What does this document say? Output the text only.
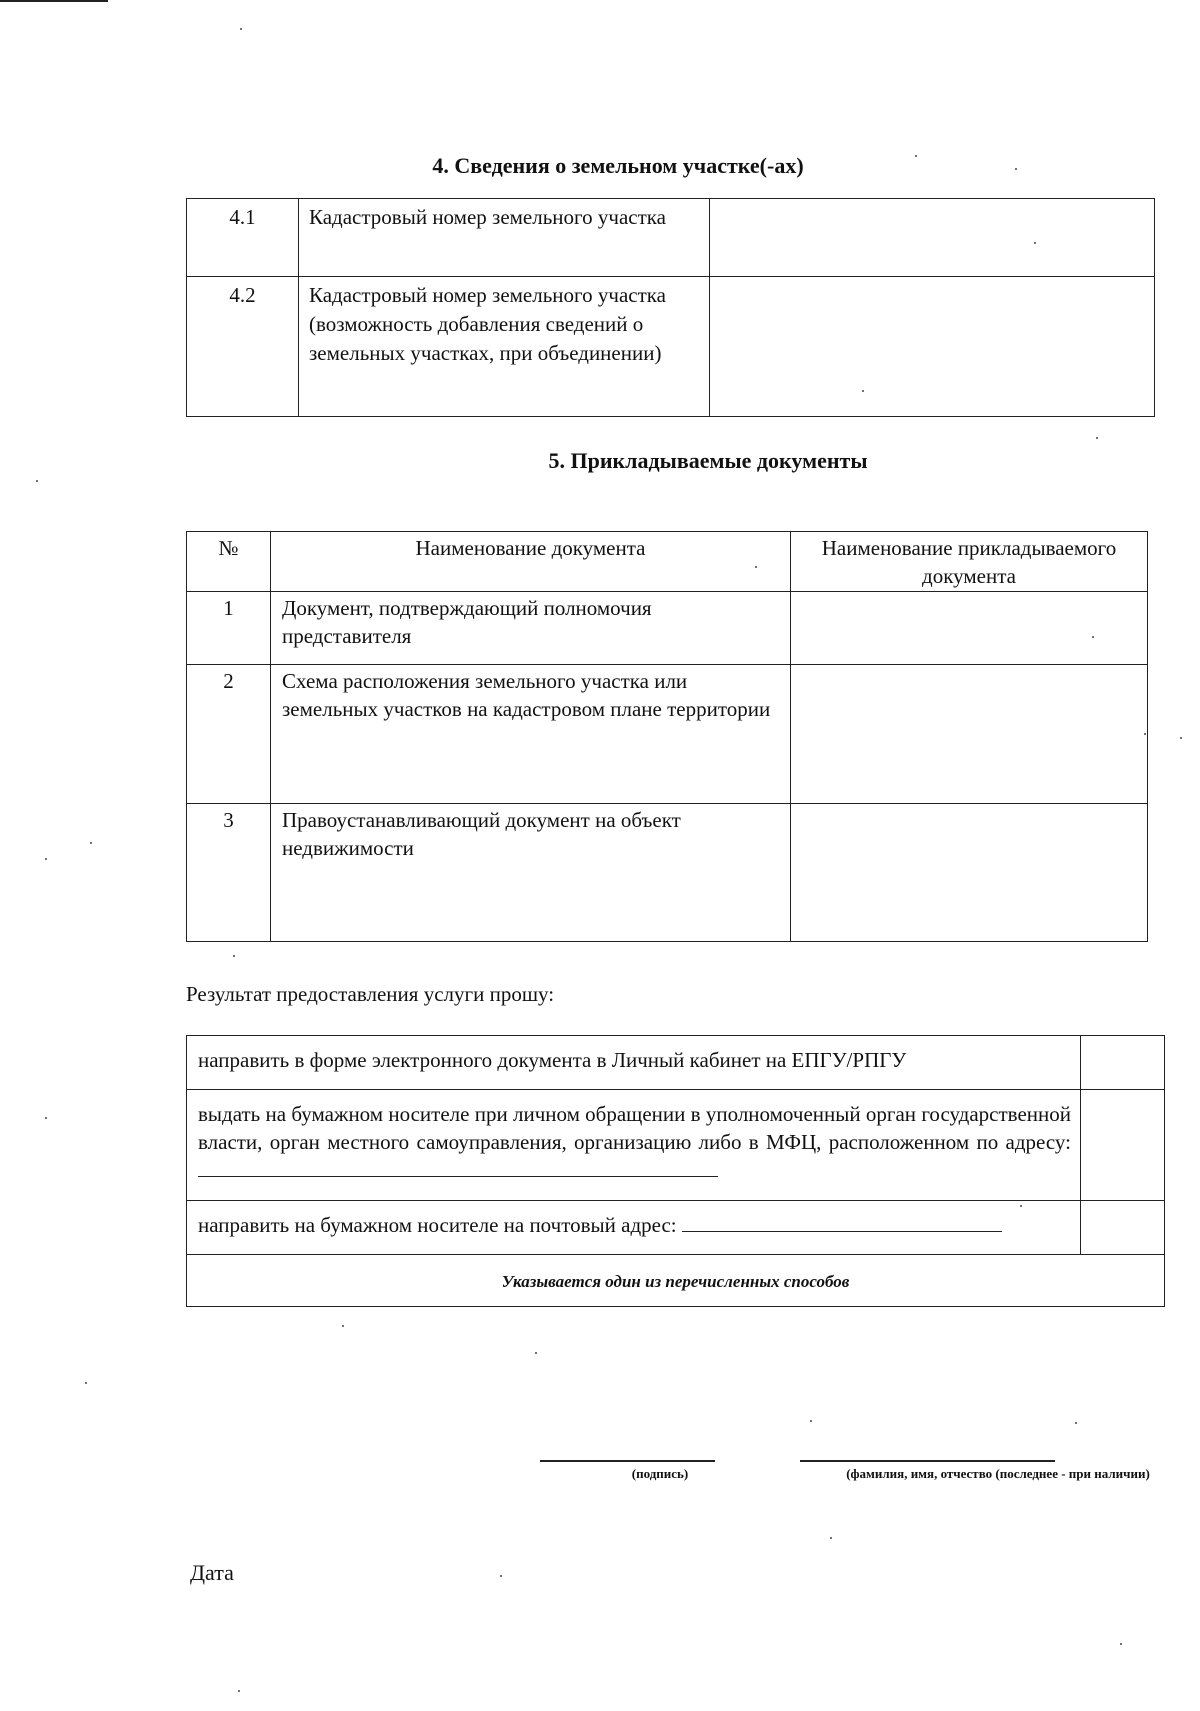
4. Сведения о земельном участке(-ах)
4.1	Кадастровый номер земельного участка	
4.2	Кадастровый номер земельного участка (возможность добавления сведений о земельных участках, при объединении)	
5. Прикладываемые документы
№	Наименование документа	Наименование прикладываемого документа
1	Документ, подтверждающий полномочия представителя	
2	Схема расположения земельного участка или земельных участков на кадастровом плане территории	
3	Правоустанавливающий документ на объект недвижимости	
Результат предоставления услуги прошу:
направить в форме электронного документа в Личный кабинет на ЕПГУ/РПГУ	
выдать на бумажном носителе при личном обращении в уполномоченный орган государственной власти, орган местного самоуправления, организацию либо в МФЦ, расположенном по адресу:	
направить на бумажном носителе на почтовый адрес:	
Указывается один из перечисленных способов	
(подпись)	(фамилия, имя, отчество (последнее - при наличии)
Дата
